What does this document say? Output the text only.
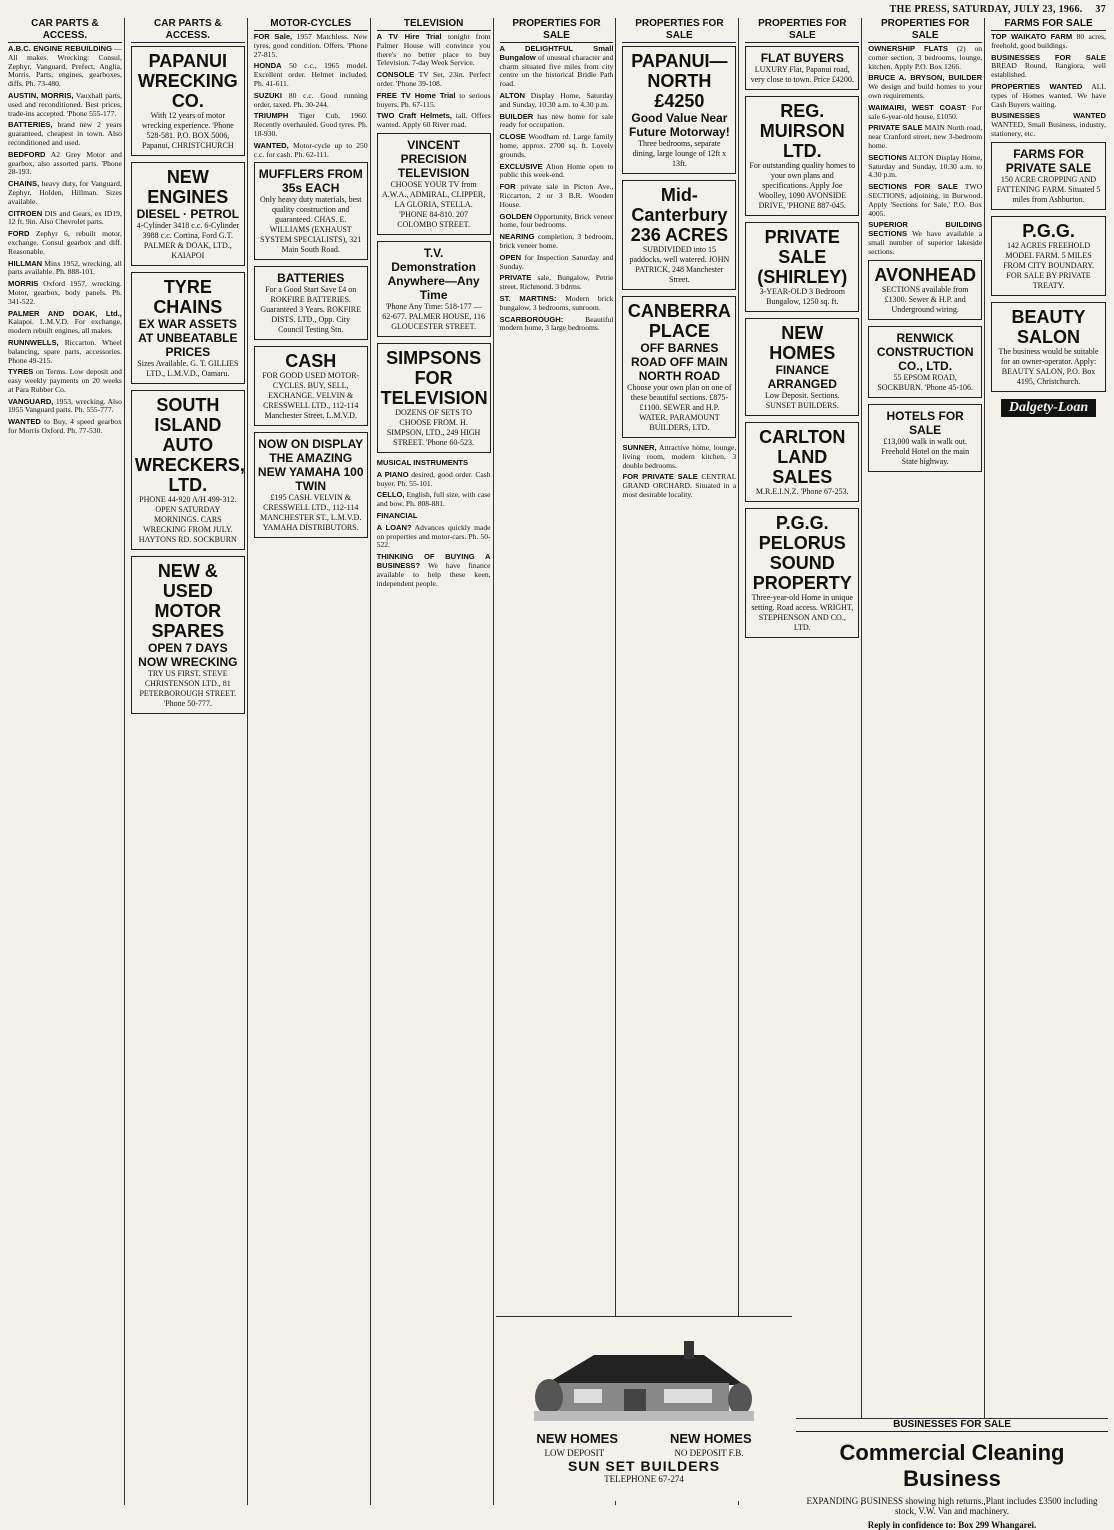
THE PRESS, SATURDAY, JULY 23, 1966. 37
CAR PARTS & ACCESS.

A.B.C. ENGINE REBUILDING — All makes. Wrecking: Consul, Zephyr, Vanguard, Prefect, Anglia, Morris. Parts, engines, gearboxes, diffs. Ph. 73-480.

AUSTIN, MORRIS, Vauxhall parts, used and reconditioned. Best prices, trade-ins accepted. 'Phone 555-177.

BATTERIES, brand new 2 years guaranteed, cheapest in town. Also reconditioned and used.

BEDFORD A2 Grey Motor and gearbox, also assorted parts. 'Phone 28-193.

CHAINS, heavy duty, for Vanguard, Zephyr, Holden, Hillman. Sizes available.

CITROEN DIS and Gears, ex ID19, 12 ft. 9in. Also Chevrolet parts.

FORD Zephyr 6, rebuilt motor, exchange. Consul gearbox and diff. Reasonable.

HILLMAN Minx 1952, wrecking, all parts available. Ph. 888-101.

MORRIS Oxford 1957, wrecking. Motor, gearbox, body panels. Ph. 341-522.

PALMER AND DOAK, Ltd., Kaiapoi. L.M.V.D. For exchange, modern rebuilt engines, all makes.

RUNNWELLS, Riccarton. Wheel balancing, spare parts, accessories. Phone 49-215.

TYRES on Terms. Low deposit and easy weekly payments on 20 weeks at Para Rubber Co.

VANGUARD, 1953, wrecking. Also 1955 Vanguard parts. Ph. 555-777.

WANTED to Buy, 4 speed gearbox for Morris Oxford. Ph. 77-530.

CAR PARTS & ACCESS.
PAPANUI WRECKING CO.
With 12 years of motor wrecking experience. 'Phone 528-581. P.O. BOX 5006, Papanui, CHRISTCHURCH
NEW ENGINES
DIESEL · PETROL
4-Cylinder 3418 c.c. 6-Cylinder 3988 c.c. Cortina, Ford G.T. PALMER & DOAK, LTD., KAIAPOI
TYRE CHAINS
EX WAR ASSETS AT UNBEATABLE PRICES
Sizes Available. G. T. GILLIES LTD., L.M.V.D., Oamaru.
SOUTH ISLAND AUTO WRECKERS, LTD.
PHONE 44-920 A/H 499-312. OPEN SATURDAY MORNINGS. CARS WRECKING FROM JULY. HAYTONS RD. SOCKBURN
NEW & USED MOTOR SPARES
OPEN 7 DAYS NOW WRECKING
TRY US FIRST. STEVE CHRISTENSON LTD., 81 PETERBOROUGH STREET. 'Phone 50-777.
MOTOR-CYCLES

FOR Sale, 1957 Matchless. New tyres, good condition. Offers. 'Phone 27-815.

HONDA 50 c.c., 1965 model. Excellent order. Helmet included. Ph. 41-611.

SUZUKI 80 c.c. Good running order, taxed. Ph. 30-244.

TRIUMPH Tiger Cub, 1960. Recently overhauled. Good tyres. Ph. 18-930.

WANTED, Motor-cycle up to 250 c.c. for cash. Ph. 62-111.

MUFFLERS FROM 35s EACH
Only heavy duty materials, best quality construction and guaranteed. CHAS. E. WILLIAMS (EXHAUST SYSTEM SPECIALISTS), 321 Main South Road.
BATTERIES
For a Good Start Save £4 on ROKFIRE BATTERIES. Guaranteed 3 Years. ROKFIRE DISTS. LTD., Opp. City Council Testing Stn.
CASH
FOR GOOD USED MOTOR-CYCLES. BUY, SELL, EXCHANGE. VELVIN & CRESSWELL LTD., 112-114 Manchester Street, L.M.V.D.
NOW ON DISPLAY THE AMAZING NEW YAMAHA 100 TWIN
£195 CASH. VELVIN & CRESSWELL LTD., 112-114 MANCHESTER ST., L.M.V.D. YAMAHA DISTRIBUTORS.
TELEVISION

A TV Hire Trial tonight from Palmer House will convince you there's no better place to buy Television. 7-day Week Service.

CONSOLE TV Set, 23in. Perfect order. 'Phone 39-108.

FREE TV Home Trial to serious buyers. Ph. 67-115.

TWO Craft Helmets, tall. Offers wanted. Apply 60 River road.

VINCENT PRECISION TELEVISION
CHOOSE YOUR TV from A.W.A., ADMIRAL, CLIPPER, LA GLORIA, STELLA. 'PHONE 84-810. 207 COLOMBO STREET.
T.V. Demonstration Anywhere—Any Time
'Phone Any Time: 518-177 — 62-677. PALMER HOUSE, 116 GLOUCESTER STREET.
SIMPSONS FOR TELEVISION
DOZENS OF SETS TO CHOOSE FROM. H. SIMPSON, LTD., 249 HIGH STREET. 'Phone 60-523.

MUSICAL INSTRUMENTS

A PIANO desired, good order. Cash buyer. Ph. 55-101.

CELLO, English, full size, with case and bow. Ph. 808-881.

FINANCIAL

A LOAN? Advances quickly made on properties and motor-cars. Ph. 50-522.

THINKING OF BUYING A BUSINESS? We have finance available to help these keen, independent people.

PROPERTIES FOR SALE

A DELIGHTFUL Small Bungalow of unusual character and charm situated five miles from city centre on the historical Bridle Path road.

ALTON Display Home, Saturday and Sunday, 10.30 a.m. to 4.30 p.m.

BUILDER has new home for sale ready for occupation.

CLOSE Woodham rd. Large family home, approx. 2700 sq. ft. Lovely grounds.

EXCLUSIVE Alton Home open to public this week-end.

FOR private sale in Picton Ave., Riccarton, 2 or 3 B.R. Wooden House.

GOLDEN Opportunity, Brick veneer home, four bedrooms.

NEARING completion, 3 bedroom, brick veneer home.

OPEN for Inspection Saturday and Sunday.

PRIVATE sale, Bungalow, Petrie street, Richmond. 3 bdrms.

ST. MARTINS: Modern brick bungalow, 3 bedrooms, sunroom.

SCARBOROUGH:	Beautiful modern home, 3 large bedrooms.

PROPERTIES FOR SALE
PAPANUI—NORTH £4250
Good Value Near Future Motorway!
Three bedrooms, separate dining, large lounge of 12ft x 13ft.
Mid-Canterbury 236 ACRES
SUBDIVIDED into 15 paddocks, well watered. JOHN PATRICK, 248 Manchester Street.
CANBERRA PLACE
OFF BARNES ROAD OFF MAIN NORTH ROAD
Choose your own plan on one of these beautiful sections. £875-£1100. SEWER and H.P. WATER. PARAMOUNT BUILDERS, LTD.

SUNNER, Attractive home, lounge, living room, modern kitchen, 3 double bedrooms.

FOR PRIVATE SALE CENTRAL GRAND ORCHARD. Situated in a most desirable locality.

PROPERTIES FOR SALE
FLAT BUYERS
LUXURY Flat, Papanui road, very close to town. Price £4200.
REG. MUIRSON LTD.
For outstanding quality homes to your own plans and specifications. Apply Joe Woolley, 1090 AVONSIDE DRIVE, 'PHONE 887-045.
PRIVATE SALE (SHIRLEY)
3-YEAR-OLD 3 Bedroom Bungalow, 1250 sq. ft.
NEW HOMES
FINANCE ARRANGED
Low Deposit. Sections. SUNSET BUILDERS.
CARLTON LAND SALES
M.R.E.I.N.Z. 'Phone 67-253.
P.G.G. PELORUS SOUND PROPERTY
Three-year-old Home in unique setting. Road access. WRIGHT, STEPHENSON AND CO., LTD.
PROPERTIES FOR SALE

OWNERSHIP FLATS (2) on corner section, 3 bedrooms, lounge, kitchen. Apply P.O. Box 1266.

BRUCE A. BRYSON, BUILDER We design and build homes to your own requirements.

WAIMAIRI, WEST COAST For sale 6-year-old house, £1050.

PRIVATE SALE MAIN North road, near Cranford street, new 3-bedroom home.

SECTIONS ALTON Display Home, Saturday and Sunday, 10.30 a.m. to 4.30 p.m.

SECTIONS FOR SALE TWO SECTIONS, adjoining, in Burwood. Apply 'Sections for Sale,' P.O. Box 4005.

SUPERIOR BUILDING SECTIONS We have available a small number of superior lakeside sections.

AVONHEAD
SECTIONS available from £1300. Sewer & H.P. and Underground wiring.
RENWICK CONSTRUCTION CO., LTD.
55 EPSOM ROAD, SOCKBURN. 'Phone 45-106.
HOTELS FOR SALE
£13,000 walk in walk out. Freehold Hotel on the main State highway.
FARMS FOR SALE

TOP WAIKATO FARM 80 acres, freehold, good buildings.

BUSINESSES FOR SALE BREAD Round, Rangiora, well established.

PROPERTIES WANTED ALL types of Homes wanted. We have Cash Buyers waiting.

BUSINESSES WANTED WANTED, Small Business, industry, stationery, etc.

FARMS FOR PRIVATE SALE
150 ACRE CROPPING AND FATTENING FARM. Situated 5 miles from Ashburton.
P.G.G.
142 ACRES FREEHOLD MODEL FARM. 5 MILES FROM CITY BOUNDARY. FOR SALE BY PRIVATE TREATY.
BEAUTY SALON
The business would be suitable for an owner-operator. Apply: BEAUTY SALON, P.O. Box 4195, Christchurch.
Dalgety-Loan
NEW HOMES	NEW HOMES
LOW DEPOSIT	NO DEPOSIT F.B.
SUN SET BUILDERS
TELEPHONE 67-274
BUSINESSES FOR SALE
Commercial Cleaning Business
EXPANDING BUSINESS showing high returns. Plant includes £3500 including stock, V.W. Van and machinery.
Reply in confidence to: Box 299 Whangarei.
